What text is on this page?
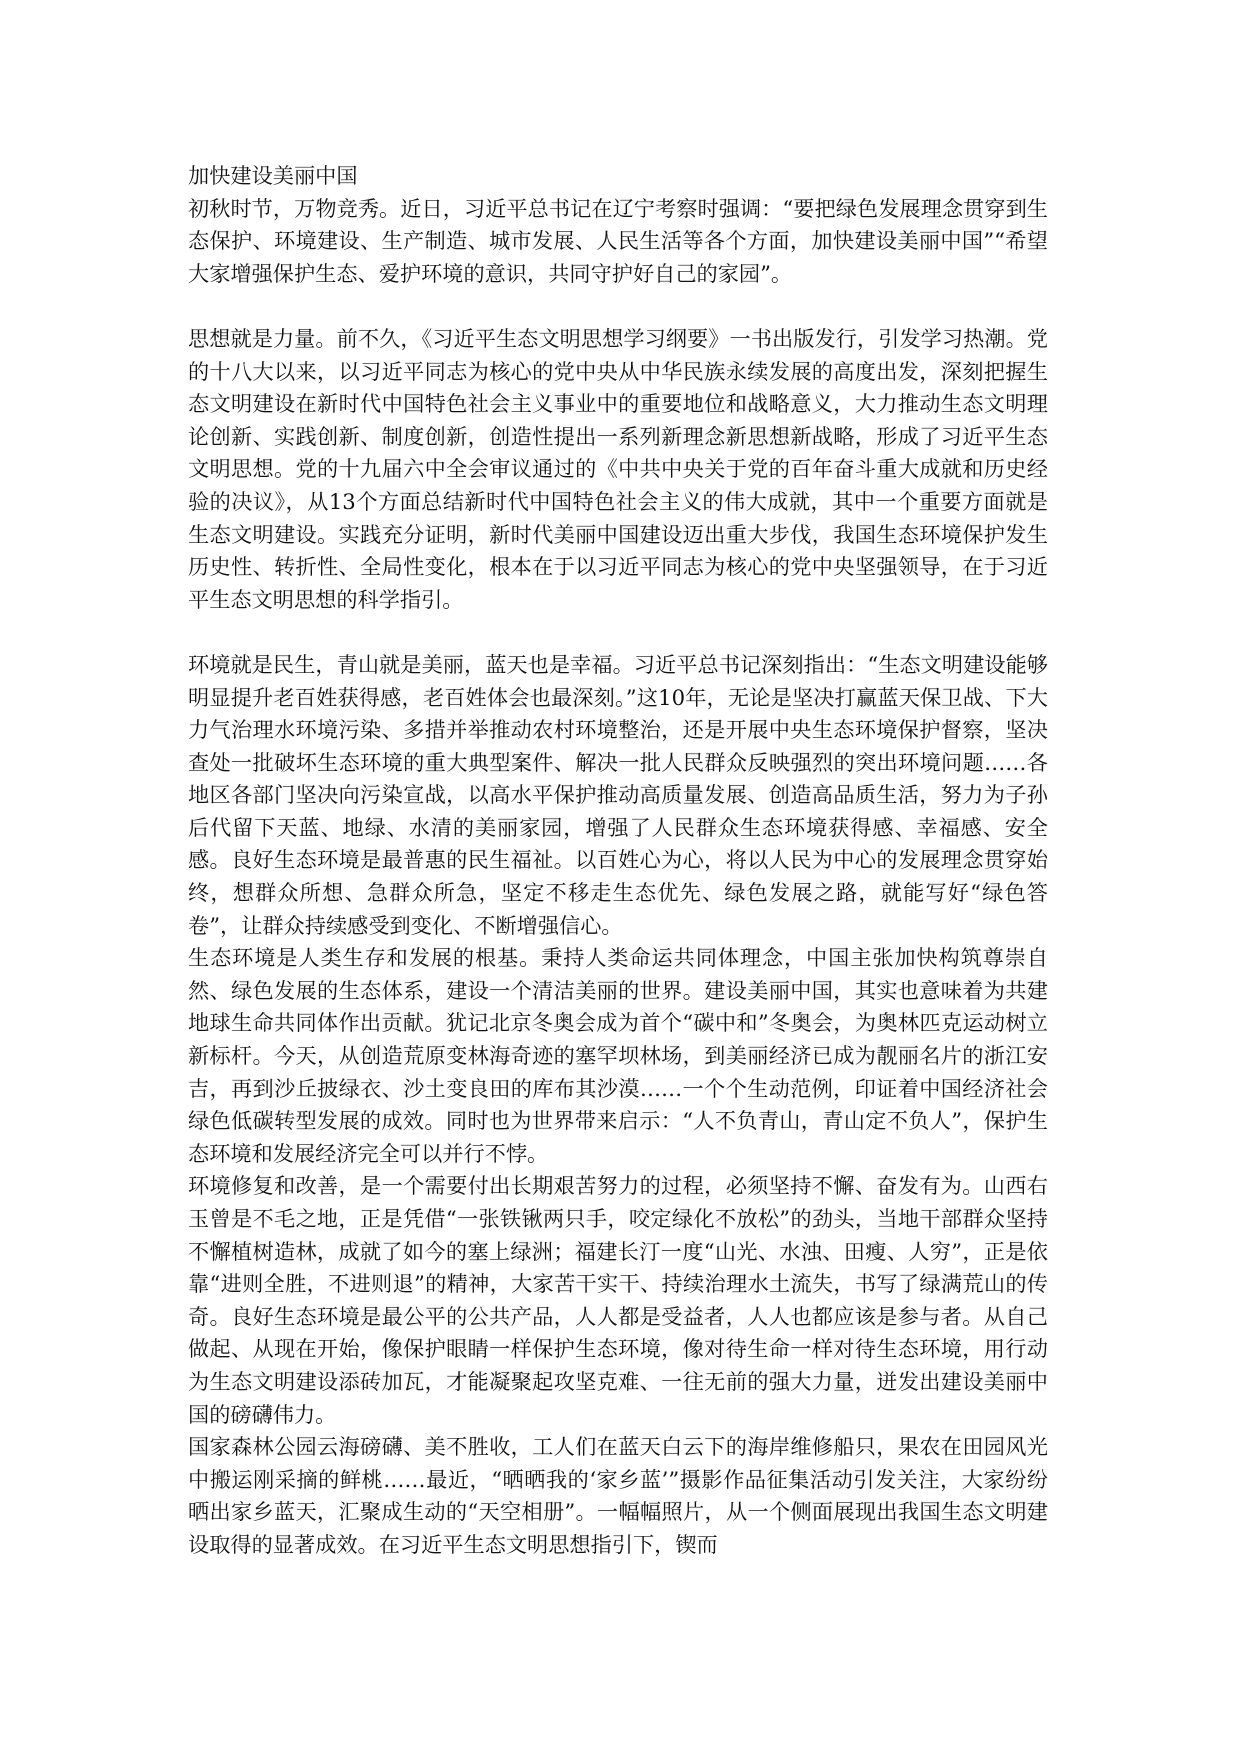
加快建设美丽中国

初秋时节，万物竞秀。近日，习近平总书记在辽宁考察时强调：“要把绿色发展理念贯穿到生态保护、环境建设、生产制造、城市发展、人民生活等各个方面，加快建设美丽中国”“希望大家增强保护生态、爱护环境的意识，共同守护好自己的家园”。

思想就是力量。前不久，《习近平生态文明思想学习纲要》一书出版发行，引发学习热潮。党的十八大以来，以习近平同志为核心的党中央从中华民族永续发展的高度出发，深刻把握生态文明建设在新时代中国特色社会主义事业中的重要地位和战略意义，大力推动生态文明理论创新、实践创新、制度创新，创造性提出一系列新理念新思想新战略，形成了习近平生态文明思想。党的十九届六中全会审议通过的《中共中央关于党的百年奋斗重大成就和历史经验的决议》，从13个方面总结新时代中国特色社会主义的伟大成就，其中一个重要方面就是生态文明建设。实践充分证明，新时代美丽中国建设迈出重大步伐，我国生态环境保护发生历史性、转折性、全局性变化，根本在于以习近平同志为核心的党中央坚强领导，在于习近平生态文明思想的科学指引。

环境就是民生，青山就是美丽，蓝天也是幸福。习近平总书记深刻指出：“生态文明建设能够明显提升老百姓获得感，老百姓体会也最深刻。”这10年，无论是坚决打赢蓝天保卫战、下大力气治理水环境污染、多措并举推动农村环境整治，还是开展中央生态环境保护督察，坚决查处一批破坏生态环境的重大典型案件、解决一批人民群众反映强烈的突出环境问题……各地区各部门坚决向污染宣战，以高水平保护推动高质量发展、创造高品质生活，努力为子孙后代留下天蓝、地绿、水清的美丽家园，增强了人民群众生态环境获得感、幸福感、安全感。良好生态环境是最普惠的民生福祉。以百姓心为心，将以人民为中心的发展理念贯穿始终，想群众所想、急群众所急，坚定不移走生态优先、绿色发展之路，就能写好“绿色答卷”，让群众持续感受到变化、不断增强信心。

生态环境是人类生存和发展的根基。秉持人类命运共同体理念，中国主张加快构筑尊崇自然、绿色发展的生态体系，建设一个清洁美丽的世界。建设美丽中国，其实也意味着为共建地球生命共同体作出贡献。犹记北京冬奥会成为首个“碳中和”冬奥会，为奥林匹克运动树立新标杆。今天，从创造荒原变林海奇迹的塞罕坝林场，到美丽经济已成为靓丽名片的浙江安吉，再到沙丘披绿衣、沙土变良田的库布其沙漠……一个个生动范例，印证着中国经济社会绿色低碳转型发展的成效。同时也为世界带来启示：“人不负青山，青山定不负人”，保护生态环境和发展经济完全可以并行不悖。

环境修复和改善，是一个需要付出长期艰苦努力的过程，必须坚持不懈、奋发有为。山西右玉曾是不毛之地，正是凭借“一张铁锹两只手，咬定绿化不放松”的劲头，当地干部群众坚持不懈植树造林，成就了如今的塞上绿洲；福建长汀一度“山光、水浊、田瘦、人穷”，正是依靠“进则全胜，不进则退”的精神，大家苦干实干、持续治理水土流失，书写了绿满荒山的传奇。良好生态环境是最公平的公共产品，人人都是受益者，人人也都应该是参与者。从自己做起、从现在开始，像保护眼睛一样保护生态环境，像对待生命一样对待生态环境，用行动为生态文明建设添砖加瓦，才能凝聚起攻坚克难、一往无前的强大力量，迸发出建设美丽中国的磅礴伟力。

国家森林公园云海磅礴、美不胜收，工人们在蓝天白云下的海岸维修船只，果农在田园风光中搬运刚采摘的鲜桃……最近，“晒晒我的‘家乡蓝’”摄影作品征集活动引发关注，大家纷纷晒出家乡蓝天，汇聚成生动的“天空相册”。一幅幅照片，从一个侧面展现出我国生态文明建设取得的显著成效。在习近平生态文明思想指引下，锲而
